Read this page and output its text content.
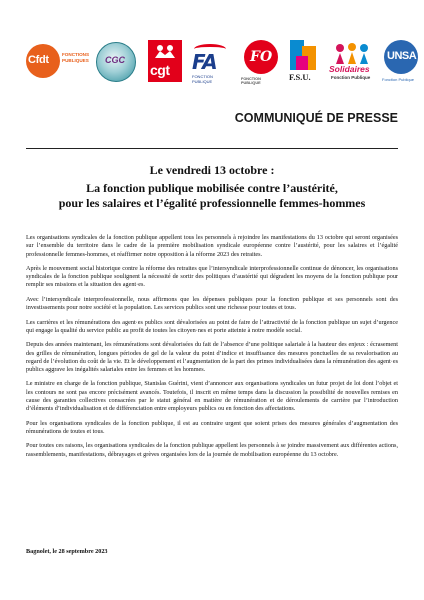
Cfdt	FONCTIONS
PUBLIQUES CGC
cgt FA
FONCTION PUBLIQUE
FO
FONCTION PUBLIQUE
F.S.U.
Solidaires
Fonction Publique
UNSA
Fonction Publique
COMMUNIQUÉ DE PRESSE
Le vendredi 13 octobre :
La fonction publique mobilisée contre l’austérité,
pour les salaires et l’égalité professionnelle femmes-hommes

Les organisations syndicales de la fonction publique appellent tous les personnels à rejoindre les manifestations du 13 octobre qui seront organisées sur l’ensemble du territoire dans le cadre de la première mobilisation syndicale européenne contre l’austérité, pour les salaires et l’égalité professionnelle femmes-hommes, et réaffirmer notre opposition à la réforme 2023 des retraites.

Après le mouvement social historique contre la réforme des retraites que l’intersyndicale interprofessionnelle continue de dénoncer, les organisations syndicales de la fonction publique soulignent la nécessité de sortir des politiques d’austérité qui dégradent les moyens de la fonction publique pour remplir ses missions et la situation des agent·es.

Avec l’intersyndicale interprofessionnelle, nous affirmons que les dépenses publiques pour la fonction publique et ses personnels sont des investissements pour notre société et la population. Les services publics sont une richesse pour toutes et tous.

Les carrières et les rémunérations des agent·es publics sont dévalorisées au point de faire de l’attractivité de la fonction publique un sujet d’urgence qui engage la qualité du service public au profit de toutes les citoyen·nes et porte atteinte à notre modèle social.

Depuis des années maintenant, les rémunérations sont dévalorisées du fait de l’absence d’une politique salariale à la hauteur des enjeux : écrasement des grilles de rémunération, longues périodes de gel de la valeur du point d’indice et insuffisance des mesures ponctuelles de sa revalorisation au regard de l’évolution du coût de la vie. Et le développement et l’augmentation de la part des primes individualisées dans la rémunération des agent·es publics aggrave les inégalités salariales entre les femmes et les hommes.

Le ministre en charge de la fonction publique, Stanislas Guérini, vient d’annoncer aux organisations syndicales un futur projet de loi dont l’objet et les contours ne sont pas encore précisément avancés. Toutefois, il inscrit en même temps dans la discussion la possibilité de nouvelles remises en cause des garanties collectives consacrées par le statut général en matière de rémunération et de déroulements de carrière par l’introduction d’éléments d’individualisation et de différenciation entre employeurs publics ou en fonction des affectations.

Pour les organisations syndicales de la fonction publique, il est au contraire urgent que soient prises des mesures générales d’augmentation des rémunérations de toutes et tous.

Pour toutes ces raisons, les organisations syndicales de la fonction publique appellent les personnels à se joindre massivement aux différentes actions, rassemblements, manifestations, débrayages et grèves organisées lors de la journée de mobilisation européenne du 13 octobre.

Bagnolet, le 28 septembre 2023
